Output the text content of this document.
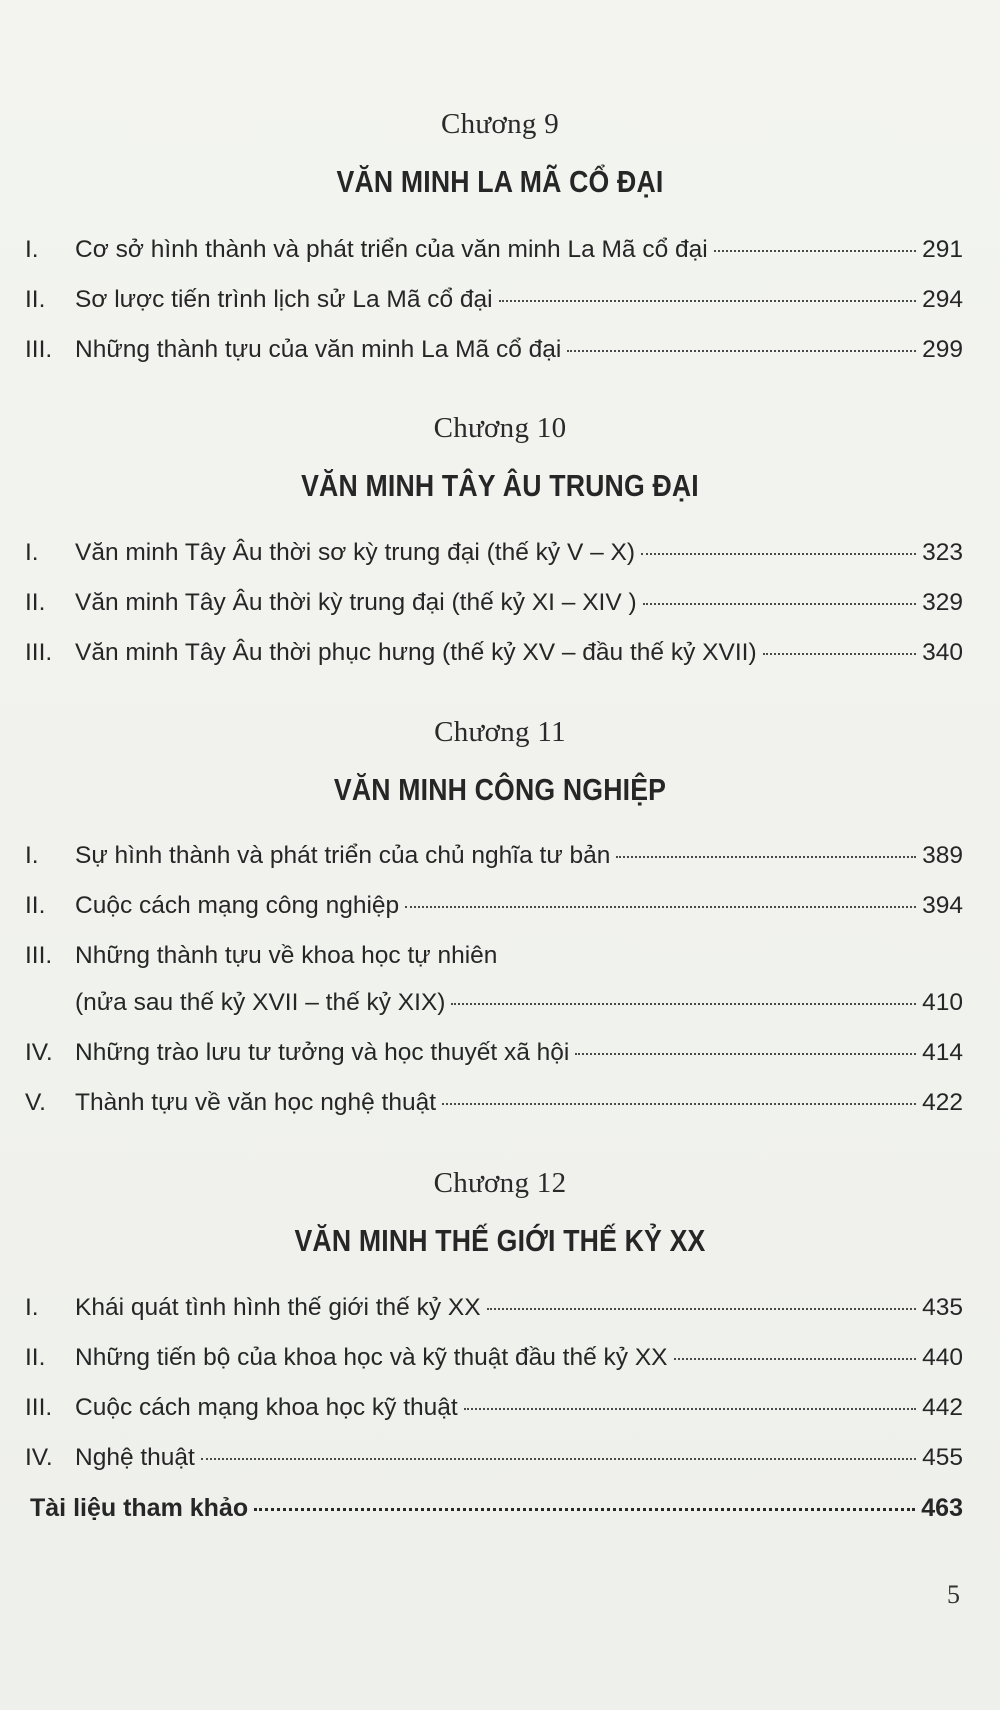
Chương 9
VĂN MINH LA MÃ CỔ ĐẠI
I.	Cơ sở hình thành và phát triển của văn minh La Mã cổ đại	291
II.	Sơ lược tiến trình lịch sử La Mã cổ đại	294
III. Những thành tựu của văn minh La Mã cổ đại	299
Chương 10
VĂN MINH TÂY ÂU TRUNG ĐẠI
I.	Văn minh Tây Âu thời sơ kỳ trung đại (thế kỷ V – X)	323
II.	Văn minh Tây Âu thời kỳ trung đại (thế kỷ XI – XIV )	329
III. Văn minh Tây Âu thời phục hưng (thế kỷ XV – đầu thế kỷ XVII)	340
Chương 11
VĂN MINH CÔNG NGHIỆP
I.	Sự hình thành và phát triển của chủ nghĩa tư bản	389
II.	Cuộc cách mạng công nghiệp	394
III. Những thành tựu về khoa học tự nhiên
(nửa sau thế kỷ XVII – thế kỷ XIX)	410
IV. Những trào lưu tư tưởng và học thuyết xã hội	414
V.	Thành tựu về văn học nghệ thuật	422
Chương 12
VĂN MINH THẾ GIỚI THẾ KỶ XX
I.	Khái quát tình hình thế giới thế kỷ XX	435
II.	Những tiến bộ của khoa học và kỹ thuật đầu thế kỷ XX	440
III. Cuộc cách mạng khoa học kỹ thuật	442
IV. Nghệ thuật	455
Tài liệu tham khảo	463
5
